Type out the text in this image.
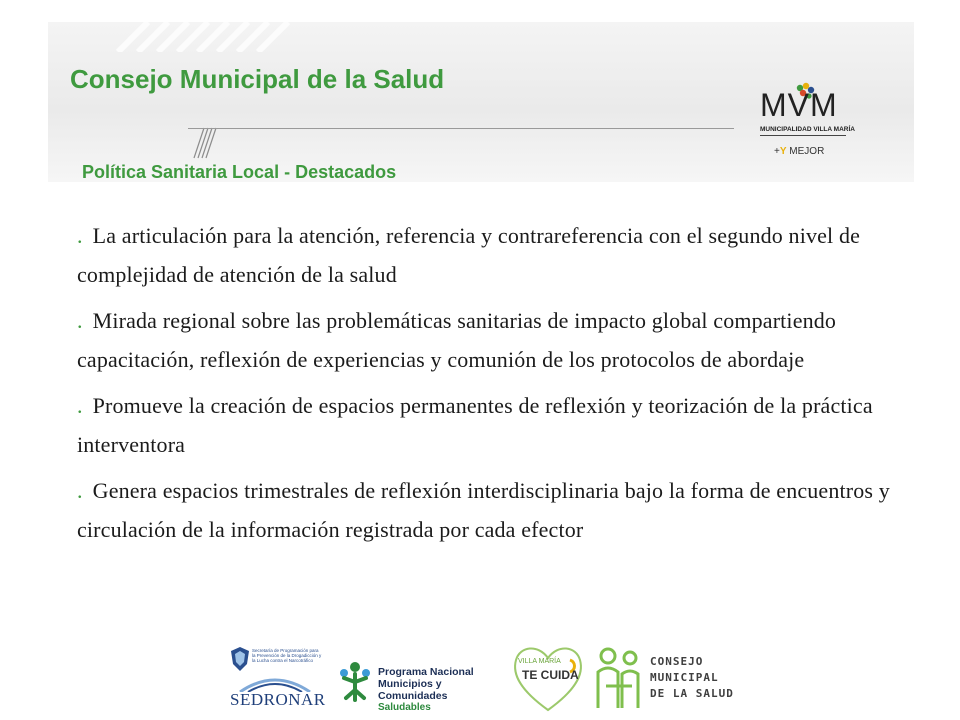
Consejo Municipal de la Salud
Política Sanitaria Local - Destacados
MVM
MUNICIPALIDAD VILLA MARÍA
+Y MEJOR

. La articulación para la atención, referencia y contrareferencia con el segundo nivel de complejidad de atención de la salud

. Mirada regional sobre las problemáticas sanitarias de impacto global compartiendo capacitación, reflexión de experiencias y comunión de los protocolos de abordaje

. Promueve la creación de espacios permanentes de reflexión y teorización de la práctica interventora

. Genera espacios trimestrales de reflexión interdisciplinaria bajo la forma de encuentros y circulación de la información registrada por cada efector

Secretaría de Programación para la Prevención de la Drogadicción y la Lucha contra el Narcotráfico
SEDRONAR
Programa Nacional
Municipios y Comunidades
Saludables
VILLA MARÍA
TE CUIDA
CONSEJO
MUNICIPAL
DE LA SALUD
